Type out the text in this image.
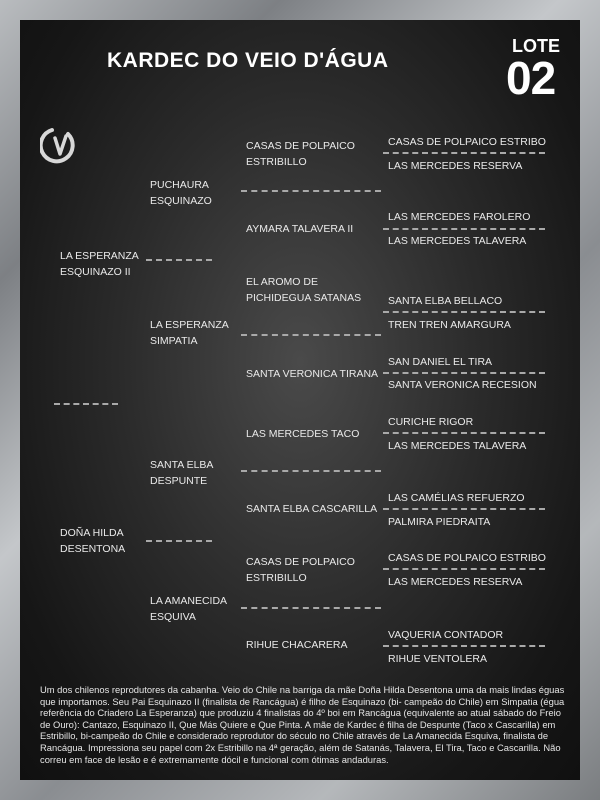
KARDEC DO VEIO D'ÁGUA
LOTE
02
LA ESPERANZA
ESQUINAZO II
DOÑA HILDA
DESENTONA
PUCHAURA
ESQUINAZO
LA ESPERANZA
SIMPATIA
SANTA ELBA
DESPUNTE
LA AMANECIDA
ESQUIVA
CASAS DE POLPAICO
ESTRIBILLO
AYMARA TALAVERA II
EL AROMO DE
PICHIDEGUA SATANAS
SANTA VERONICA TIRANA
LAS MERCEDES TACO
SANTA ELBA CASCARILLA
CASAS DE POLPAICO
ESTRIBILLO
RIHUE CHACARERA
CASAS DE POLPAICO ESTRIBO
LAS MERCEDES RESERVA
LAS MERCEDES FAROLERO
LAS MERCEDES TALAVERA
SANTA ELBA BELLACO
TREN TREN AMARGURA
SAN DANIEL EL TIRA
SANTA VERONICA RECESION
CURICHE RIGOR
LAS MERCEDES TALAVERA
LAS CAMÉLIAS REFUERZO
PALMIRA PIEDRAITA
CASAS DE POLPAICO ESTRIBO
LAS MERCEDES RESERVA
VAQUERIA CONTADOR
RIHUE VENTOLERA
Um dos chilenos reprodutores da cabanha. Veio do Chile na barriga da mãe Doña Hilda Desentona uma da mais lindas éguas que importamos. Seu Pai Esquinazo II (finalista de Rancágua) é filho de Esquinazo (bi- campeão do Chile) em Simpatia (égua referência do Criadero La Esperanza) que produziu 4 finalistas do 4º boi em Rancágua (equivalente ao atual sábado do Freio de Ouro): Cantazo, Esquinazo II, Que Más Quiere e Que Pinta. A mãe de Kardec é filha de Despunte (Taco x Cascarilla) em Estribillo, bi-campeão do Chile e considerado reprodutor do século no Chile através de La Amanecida Esquiva, finalista de Rancágua. Impressiona seu papel com 2x Estribillo na 4ª geração, além de Satanás, Talavera, El Tira, Taco e Cascarilla. Não correu em face de lesão e é extremamente dócil e funcional com ótimas andaduras.
